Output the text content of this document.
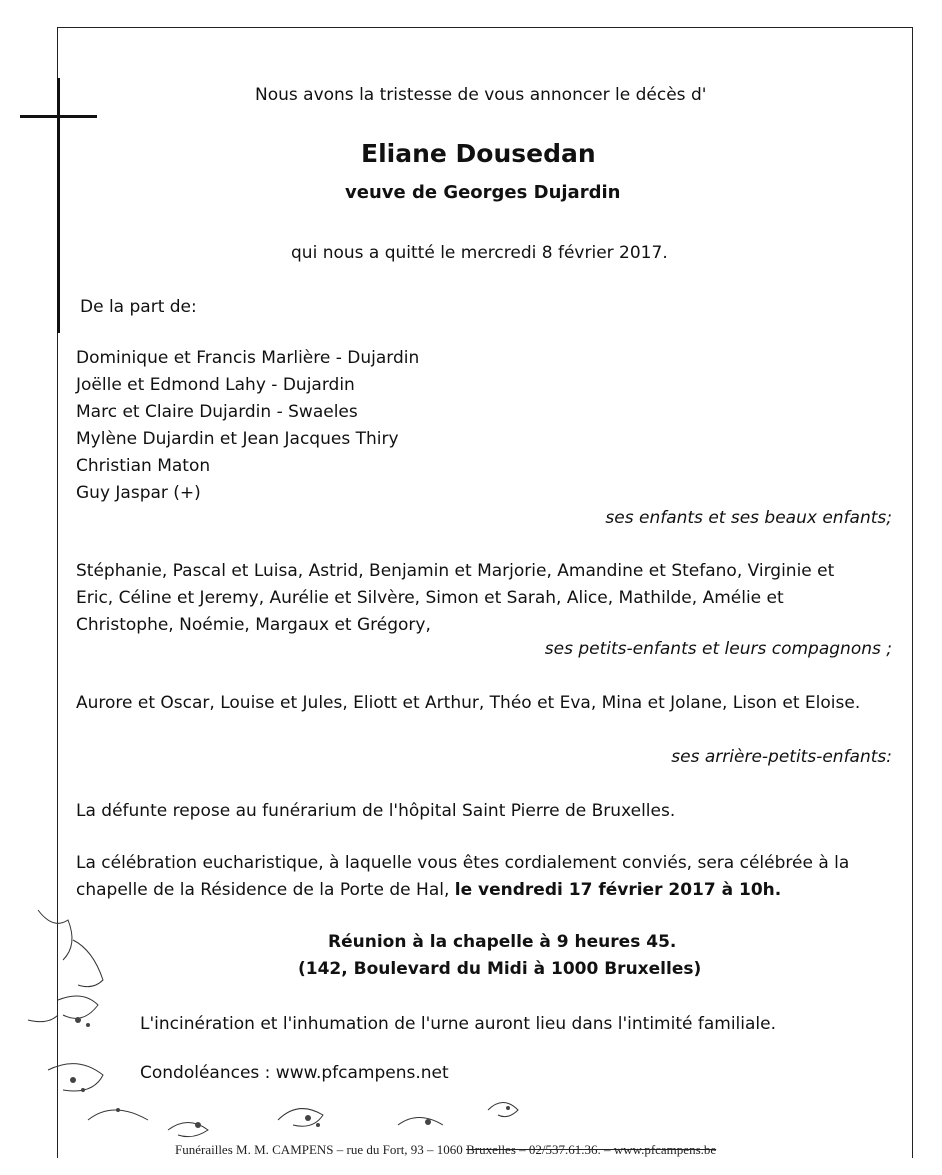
Nous avons la tristesse de vous annoncer le décès d'
Eliane Dousedan
veuve de Georges Dujardin
qui nous a quitté le mercredi 8 février 2017.
De la part de:
Dominique et Francis Marlière - Dujardin
Joëlle et Edmond Lahy - Dujardin
Marc et Claire Dujardin - Swaeles
Mylène Dujardin et Jean Jacques Thiry
Christian Maton
Guy Jaspar (+)
ses enfants et ses beaux enfants;
Stéphanie, Pascal et Luisa, Astrid, Benjamin et Marjorie, Amandine et Stefano, Virginie et
Eric, Céline et Jeremy, Aurélie et Silvère, Simon et Sarah, Alice, Mathilde, Amélie et
Christophe, Noémie, Margaux et Grégory,
ses petits-enfants et leurs compagnons ;
Aurore et Oscar, Louise et Jules, Eliott et Arthur, Théo et Eva, Mina et Jolane, Lison et Eloise.
ses arrière-petits-enfants:
La défunte repose au funérarium de l'hôpital Saint Pierre de Bruxelles.
La célébration eucharistique, à laquelle vous êtes cordialement conviés, sera célébrée à la
chapelle de la Résidence de la Porte de Hal, le vendredi 17 février 2017 à 10h.
Réunion à la chapelle à 9 heures 45.
(142, Boulevard du Midi à 1000 Bruxelles)
L'incinération et l'inhumation de l'urne auront lieu dans l'intimité familiale.
Condoléances : www.pfcampens.net
Funérailles M. M. CAMPENS – rue du Fort, 93 – 1060 Bruxelles – 02/537.61.36. – www.pfcampens.be
